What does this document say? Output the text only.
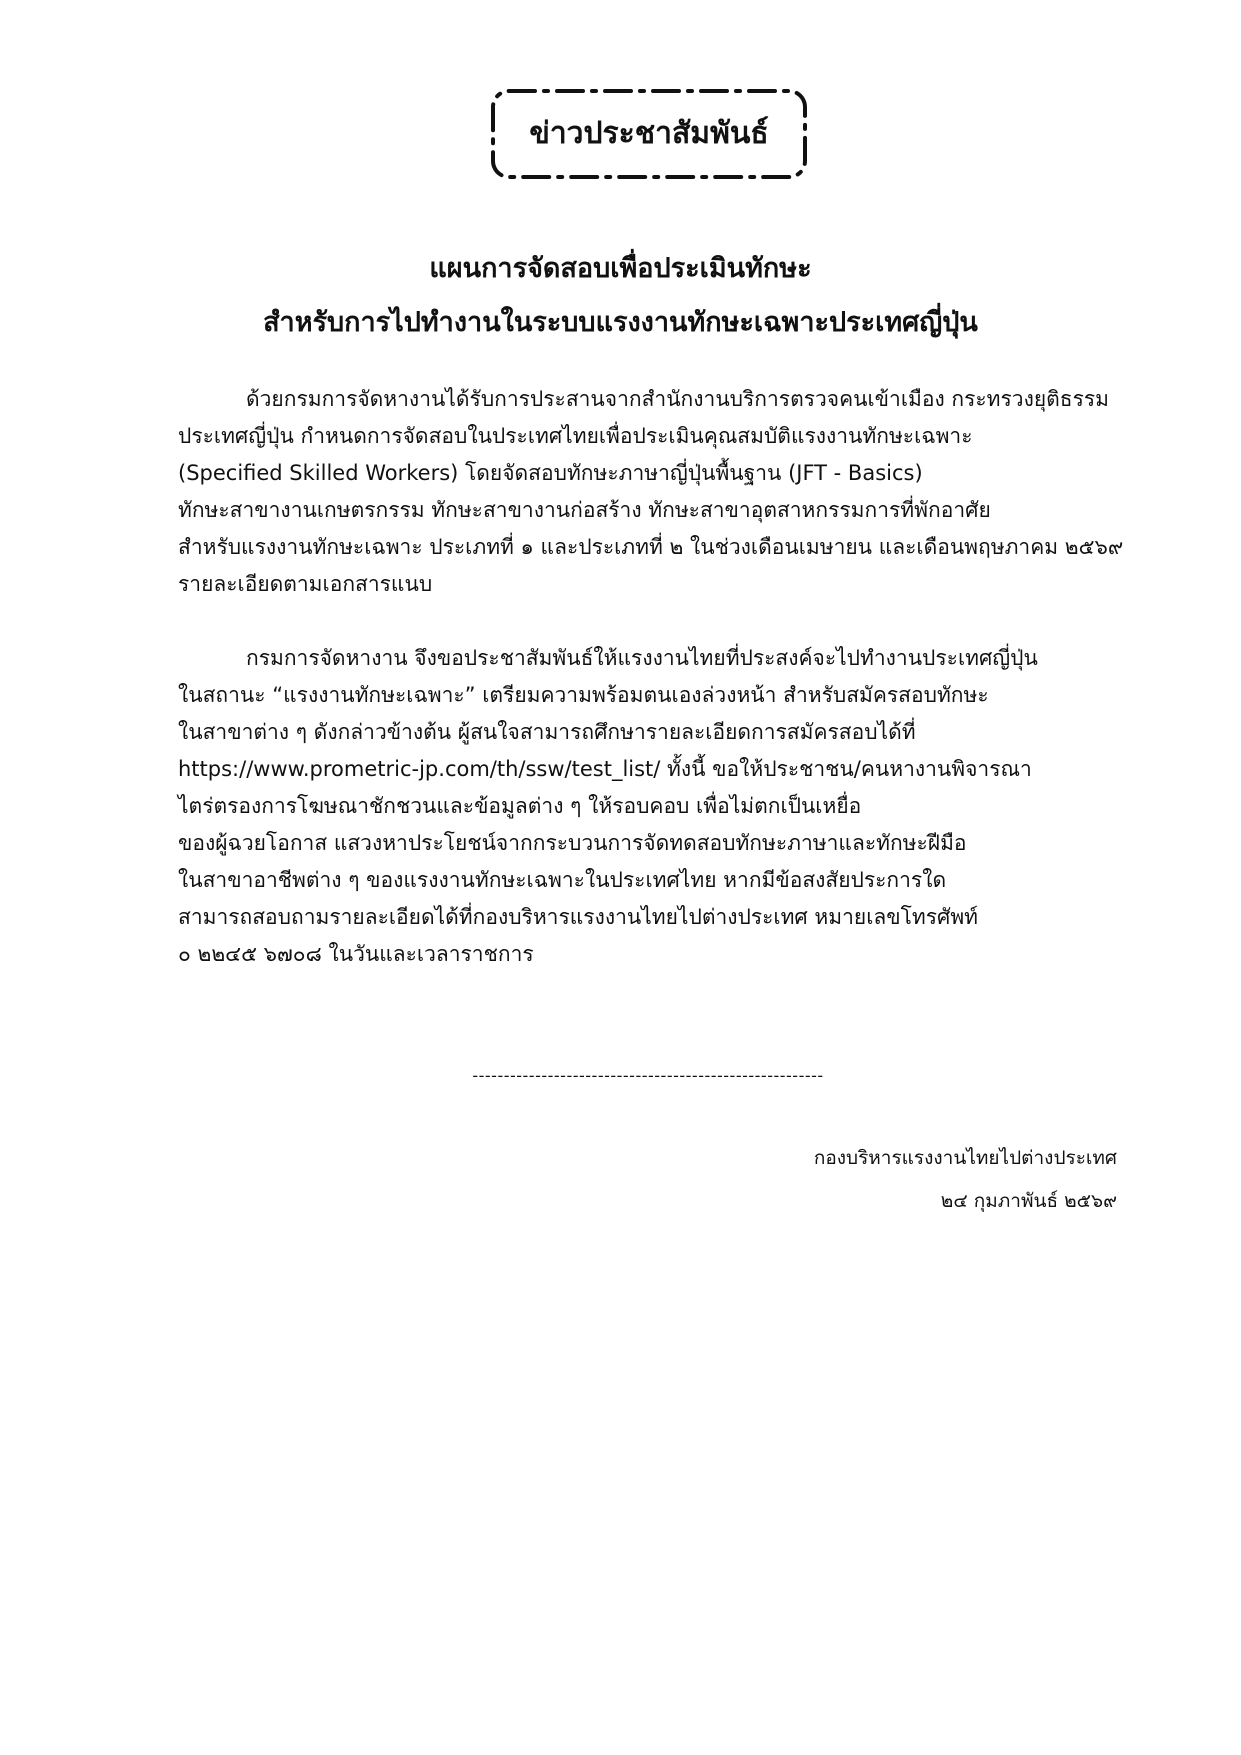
ข่าวประชาสัมพันธ์
แผนการจัดสอบเพื่อประเมินทักษะ
สำหรับการไปทำงานในระบบแรงงานทักษะเฉพาะประเทศญี่ปุ่น
ด้วยกรมการจัดหางานได้รับการประสานจากสำนักงานบริการตรวจคนเข้าเมือง กระทรวงยุติธรรม
ประเทศญี่ปุ่น กำหนดการจัดสอบในประเทศไทยเพื่อประเมินคุณสมบัติแรงงานทักษะเฉพาะ
(Specified Skilled Workers) โดยจัดสอบทักษะภาษาญี่ปุ่นพื้นฐาน (JFT - Basics)
ทักษะสาขางานเกษตรกรรม ทักษะสาขางานก่อสร้าง ทักษะสาขาอุตสาหกรรมการที่พักอาศัย
สำหรับแรงงานทักษะเฉพาะ ประเภทที่ ๑ และประเภทที่ ๒ ในช่วงเดือนเมษายน และเดือนพฤษภาคม ๒๕๖๙
รายละเอียดตามเอกสารแนบ
กรมการจัดหางาน จึงขอประชาสัมพันธ์ให้แรงงานไทยที่ประสงค์จะไปทำงานประเทศญี่ปุ่น
ในสถานะ “แรงงานทักษะเฉพาะ” เตรียมความพร้อมตนเองล่วงหน้า สำหรับสมัครสอบทักษะ
ในสาขาต่าง ๆ ดังกล่าวข้างต้น ผู้สนใจสามารถศึกษารายละเอียดการสมัครสอบได้ที่
https://www.prometric-jp.com/th/ssw/test_list/ ทั้งนี้ ขอให้ประชาชน/คนหางานพิจารณา
ไตร่ตรองการโฆษณาชักชวนและข้อมูลต่าง ๆ ให้รอบคอบ เพื่อไม่ตกเป็นเหยื่อ
ของผู้ฉวยโอกาส แสวงหาประโยชน์จากกระบวนการจัดทดสอบทักษะภาษาและทักษะฝีมือ
ในสาขาอาชีพต่าง ๆ ของแรงงานทักษะเฉพาะในประเทศไทย หากมีข้อสงสัยประการใด
สามารถสอบถามรายละเอียดได้ที่กองบริหารแรงงานไทยไปต่างประเทศ หมายเลขโทรศัพท์
๐ ๒๒๔๕ ๖๗๐๘ ในวันและเวลาราชการ
--------------------------------------------------------
กองบริหารแรงงานไทยไปต่างประเทศ
๒๔ กุมภาพันธ์ ๒๕๖๙
